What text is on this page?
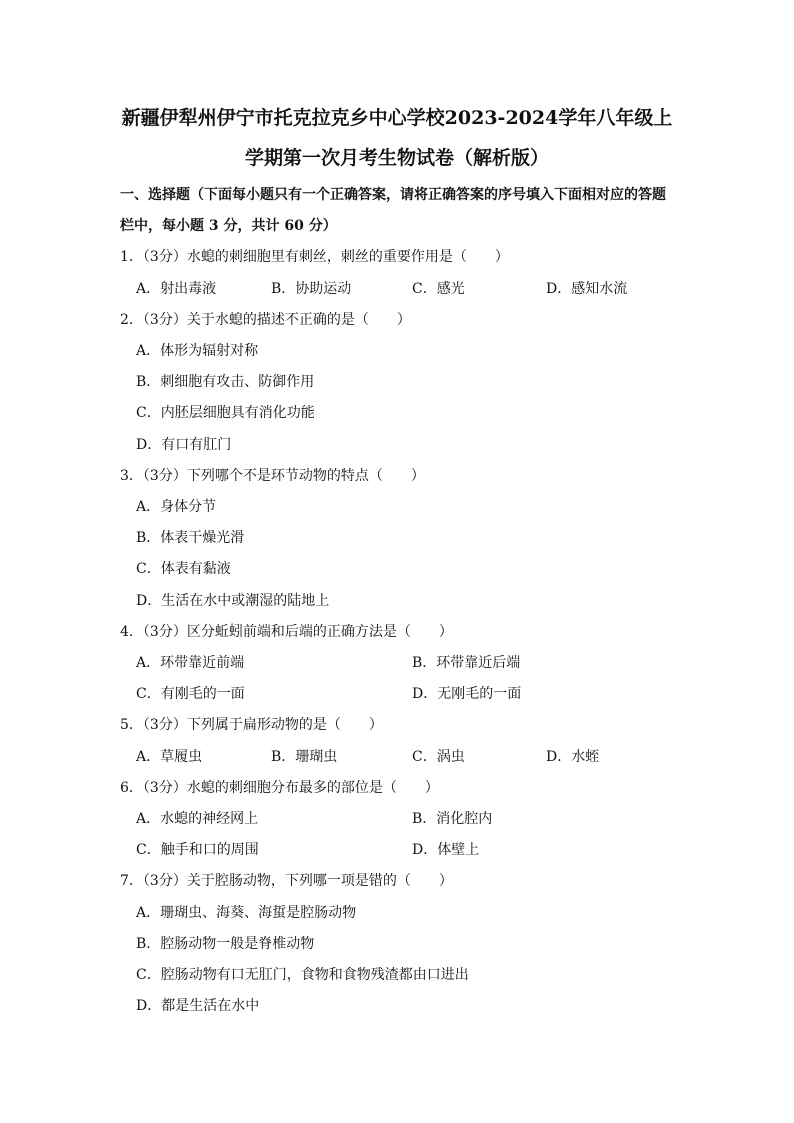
新疆伊犁州伊宁市托克拉克乡中心学校2023-2024学年八年级上
学期第一次月考生物试卷（解析版）
一、选择题（下面每小题只有一个正确答案，请将正确答案的序号填入下面相对应的答题
栏中，每小题 3 分，共计 60 分）
1．（3分）水螅的刺细胞里有刺丝，刺丝的重要作用是（　　）
A．射出毒液	B．协助运动	C．感光	D．感知水流
2．（3分）关于水螅的描述不正确的是（　　）
A．体形为辐射对称
B．刺细胞有攻击、防御作用
C．内胚层细胞具有消化功能
D．有口有肛门
3．（3分）下列哪个不是环节动物的特点（　　）
A．身体分节
B．体表干燥光滑
C．体表有黏液
D．生活在水中或潮湿的陆地上
4．（3分）区分蚯蚓前端和后端的正确方法是（　　）
A．环带靠近前端	B．环带靠近后端
C．有刚毛的一面	D．无刚毛的一面
5．（3分）下列属于扁形动物的是（　　）
A．草履虫	B．珊瑚虫	C．涡虫	D．水蛭
6．（3分）水螅的刺细胞分布最多的部位是（　　）
A．水螅的神经网上	B．消化腔内
C．触手和口的周围	D．体壁上
7．（3分）关于腔肠动物，下列哪一项是错的（　　）
A．珊瑚虫、海葵、海蜇是腔肠动物
B．腔肠动物一般是脊椎动物
C．腔肠动物有口无肛门，食物和食物残渣都由口进出
D．都是生活在水中
